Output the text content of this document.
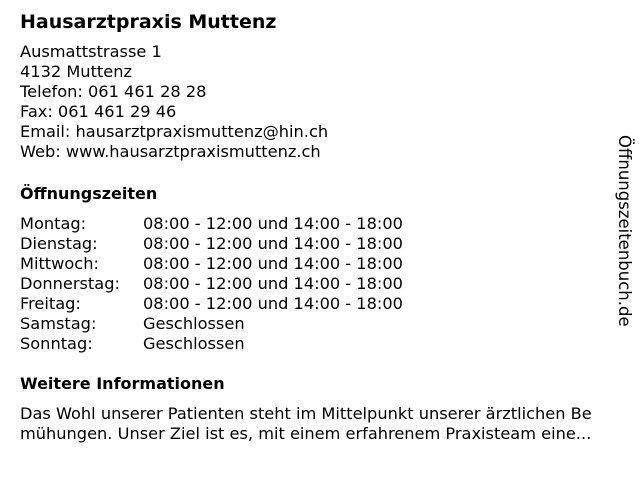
Hausarztpraxis Muttenz
Ausmattstrasse 1
4132 Muttenz
Telefon: 061 461 28 28
Fax: 061 461 29 46
Email: hausarztpraxismuttenz@hin.ch
Web: www.hausarztpraxismuttenz.ch
Öffnungszeiten
Montag:	08:00 - 12:00 und 14:00 - 18:00
Dienstag:	08:00 - 12:00 und 14:00 - 18:00
Mittwoch:	08:00 - 12:00 und 14:00 - 18:00
Donnerstag:	08:00 - 12:00 und 14:00 - 18:00
Freitag:	08:00 - 12:00 und 14:00 - 18:00
Samstag:	Geschlossen
Sonntag:	Geschlossen
Weitere Informationen
Das Wohl unserer Patienten steht im Mittelpunkt unserer ärztlichen Be
mühungen. Unser Ziel ist es, mit einem erfahrenem Praxisteam eine...
Öffnungszeitenbuch.de
